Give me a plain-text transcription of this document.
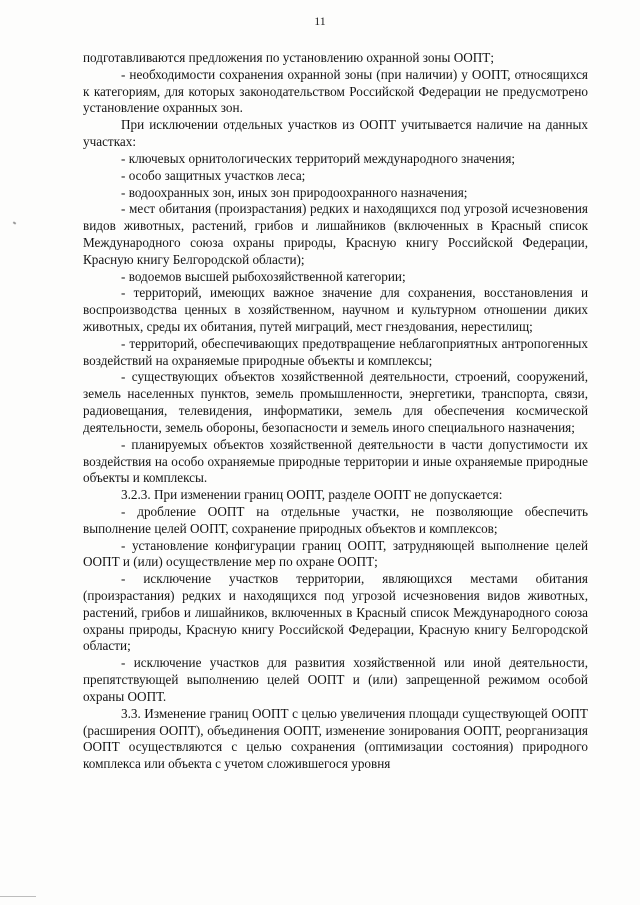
11

подготавливаются предложения по установлению охранной зоны ООПТ;

- необходимости сохранения охранной зоны (при наличии) у ООПТ, относящихся к категориям, для которых законодательством Российской Федерации не предусмотрено установление охранных зон.

При исключении отдельных участков из ООПТ учитывается наличие на данных участках:

- ключевых орнитологических территорий международного значения;

- особо защитных участков леса;

- водоохранных зон, иных зон природоохранного назначения;

- мест обитания (произрастания) редких и находящихся под угрозой исчезновения видов животных, растений, грибов и лишайников (включенных в Красный список Международного союза охраны природы, Красную книгу Российской Федерации, Красную книгу Белгородской области);

- водоемов высшей рыбохозяйственной категории;

- территорий, имеющих важное значение для сохранения, восстановления и воспроизводства ценных в хозяйственном, научном и культурном отношении диких животных, среды их обитания, путей миграций, мест гнездования, нерестилищ;

- территорий, обеспечивающих предотвращение неблагоприятных антропогенных воздействий на охраняемые природные объекты и комплексы;

- существующих объектов хозяйственной деятельности, строений, сооружений, земель населенных пунктов, земель промышленности, энергетики, транспорта, связи, радиовещания, телевидения, информатики, земель для обеспечения космической деятельности, земель обороны, безопасности и земель иного специального назначения;

- планируемых объектов хозяйственной деятельности в части допустимости их воздействия на особо охраняемые природные территории и иные охраняемые природные объекты и комплексы.

3.2.3. При изменении границ ООПТ, разделе ООПТ не допускается:

- дробление ООПТ на отдельные участки, не позволяющие обеспечить выполнение целей ООПТ, сохранение природных объектов и комплексов;

- установление конфигурации границ ООПТ, затрудняющей выполнение целей ООПТ и (или) осуществление мер по охране ООПТ;

- исключение участков территории, являющихся местами обитания (произрастания) редких и находящихся под угрозой исчезновения видов животных, растений, грибов и лишайников, включенных в Красный список Международного союза охраны природы, Красную книгу Российской Федерации, Красную книгу Белгородской области;

- исключение участков для развития хозяйственной или иной деятельности, препятствующей выполнению целей ООПТ и (или) запрещенной режимом особой охраны ООПТ.

3.3. Изменение границ ООПТ с целью увеличения площади существующей ООПТ (расширения ООПТ), объединения ООПТ, изменение зонирования ООПТ, реорганизация ООПТ осуществляются с целью сохранения (оптимизации состояния) природного комплекса или объекта с учетом сложившегося уровня
